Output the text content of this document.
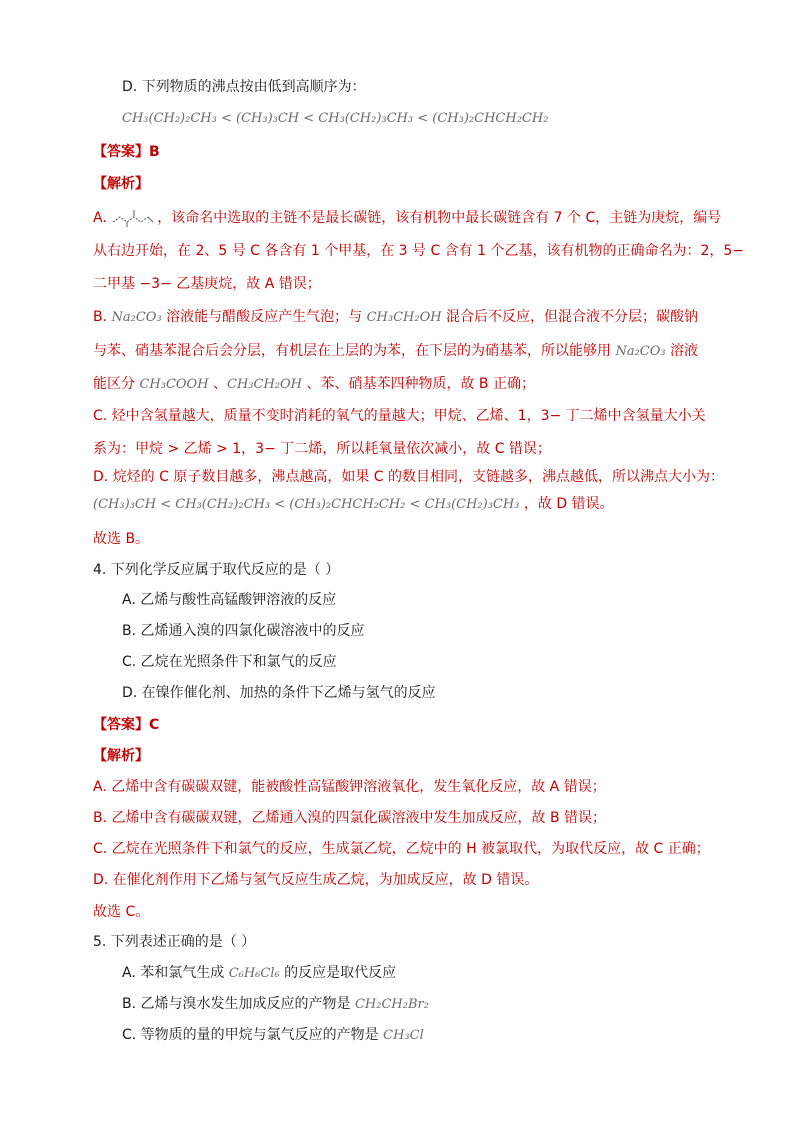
D. 下列物质的沸点按由低到高顺序为：
CH₃(CH₂)₂CH₃ < (CH₃)₃CH < CH₃(CH₂)₃CH₃ < (CH₃)₂CHCH₂CH₂
【答案】B
【解析】
A.	，该命名中选取的主链不是最长碳链，该有机物中最长碳链含有 7 个 C，主链为庚烷，编号
从右边开始，在 2、5 号 C 各含有 1 个甲基，在 3 号 C 含有 1 个乙基，该有机物的正确命名为：2，5−
二甲基 −3− 乙基庚烷，故 A 错误；
B. Na₂CO₃ 溶液能与醋酸反应产生气泡；与 CH₃CH₂OH 混合后不反应，但混合液不分层；碳酸钠
与苯、硝基苯混合后会分层，有机层在上层的为苯，在下层的为硝基苯，所以能够用 Na₂CO₃ 溶液
能区分 CH₃COOH 、CH₃CH₂OH 、苯、硝基苯四种物质，故 B 正确；
C. 烃中含氢量越大，质量不变时消耗的氧气的量越大；甲烷、乙烯、1，3− 丁二烯中含氢量大小关
系为：甲烷 > 乙烯 > 1，3− 丁二烯，所以耗氧量依次减小，故 C 错误；
D. 烷烃的 C 原子数目越多，沸点越高，如果 C 的数目相同，支链越多，沸点越低，所以沸点大小为：
(CH₃)₃CH < CH₃(CH₂)₂CH₃ < (CH₃)₂CHCH₂CH₂ < CH₃(CH₂)₃CH₃ ，故 D 错误。
故选 B。
4. 下列化学反应属于取代反应的是（ ）
A. 乙烯与酸性高锰酸钾溶液的反应
B. 乙烯通入溴的四氯化碳溶液中的反应
C. 乙烷在光照条件下和氯气的反应
D. 在镍作催化剂、加热的条件下乙烯与氢气的反应
【答案】C
【解析】
A. 乙烯中含有碳碳双键，能被酸性高锰酸钾溶液氧化，发生氧化反应，故 A 错误；
B. 乙烯中含有碳碳双键，乙烯通入溴的四氯化碳溶液中发生加成反应，故 B 错误；
C. 乙烷在光照条件下和氯气的反应，生成氯乙烷，乙烷中的 H 被氯取代，为取代反应，故 C 正确；
D. 在催化剂作用下乙烯与氢气反应生成乙烷，为加成反应，故 D 错误。
故选 C。
5. 下列表述正确的是（ ）
A. 苯和氯气生成 C₆H₆Cl₆ 的反应是取代反应
B. 乙烯与溴水发生加成反应的产物是 CH₂CH₂Br₂
C. 等物质的量的甲烷与氯气反应的产物是 CH₃Cl
